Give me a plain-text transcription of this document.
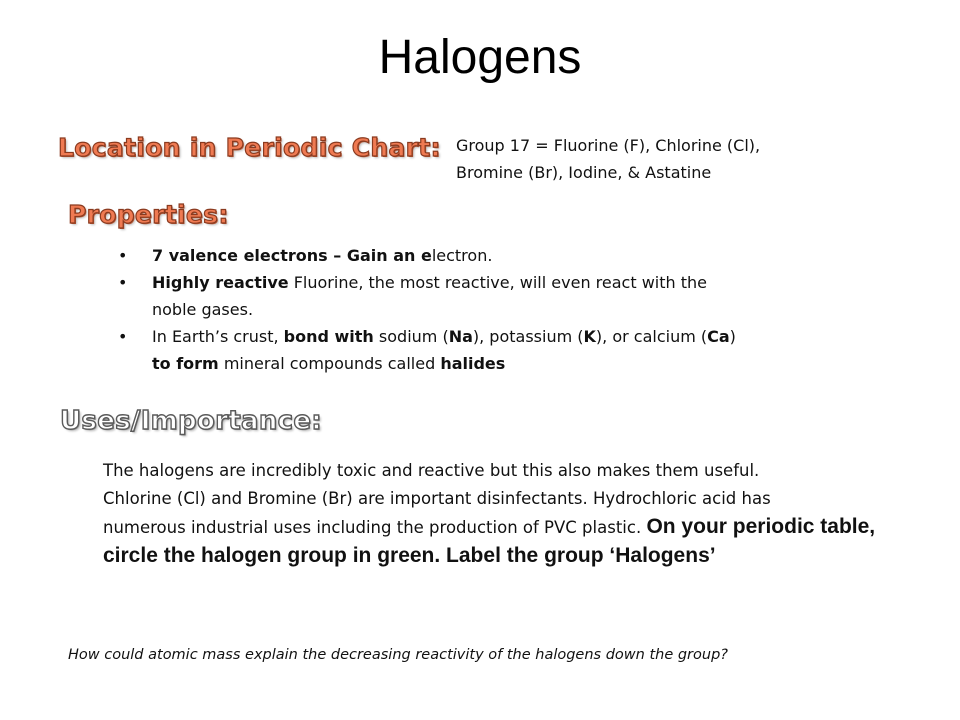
Halogens
Location in Periodic Chart: Group 17 = Fluorine (F), Chlorine (Cl),
Bromine (Br), Iodine, & Astatine
Properties:
• 7 valence electrons – Gain an electron.
• Highly reactive Fluorine, the most reactive, will even react with the
noble gases.
• In Earth’s crust, bond with sodium (Na), potassium (K), or calcium (Ca)
to form mineral compounds called halides
Uses/Importance:
The halogens are incredibly toxic and reactive but this also makes them useful.
Chlorine (Cl) and Bromine (Br) are important disinfectants. Hydrochloric acid has
numerous industrial uses including the production of PVC plastic. On your periodic table, circle the halogen group in green. Label the group ‘Halogens’
How could atomic mass explain the decreasing reactivity of the halogens down the group?
